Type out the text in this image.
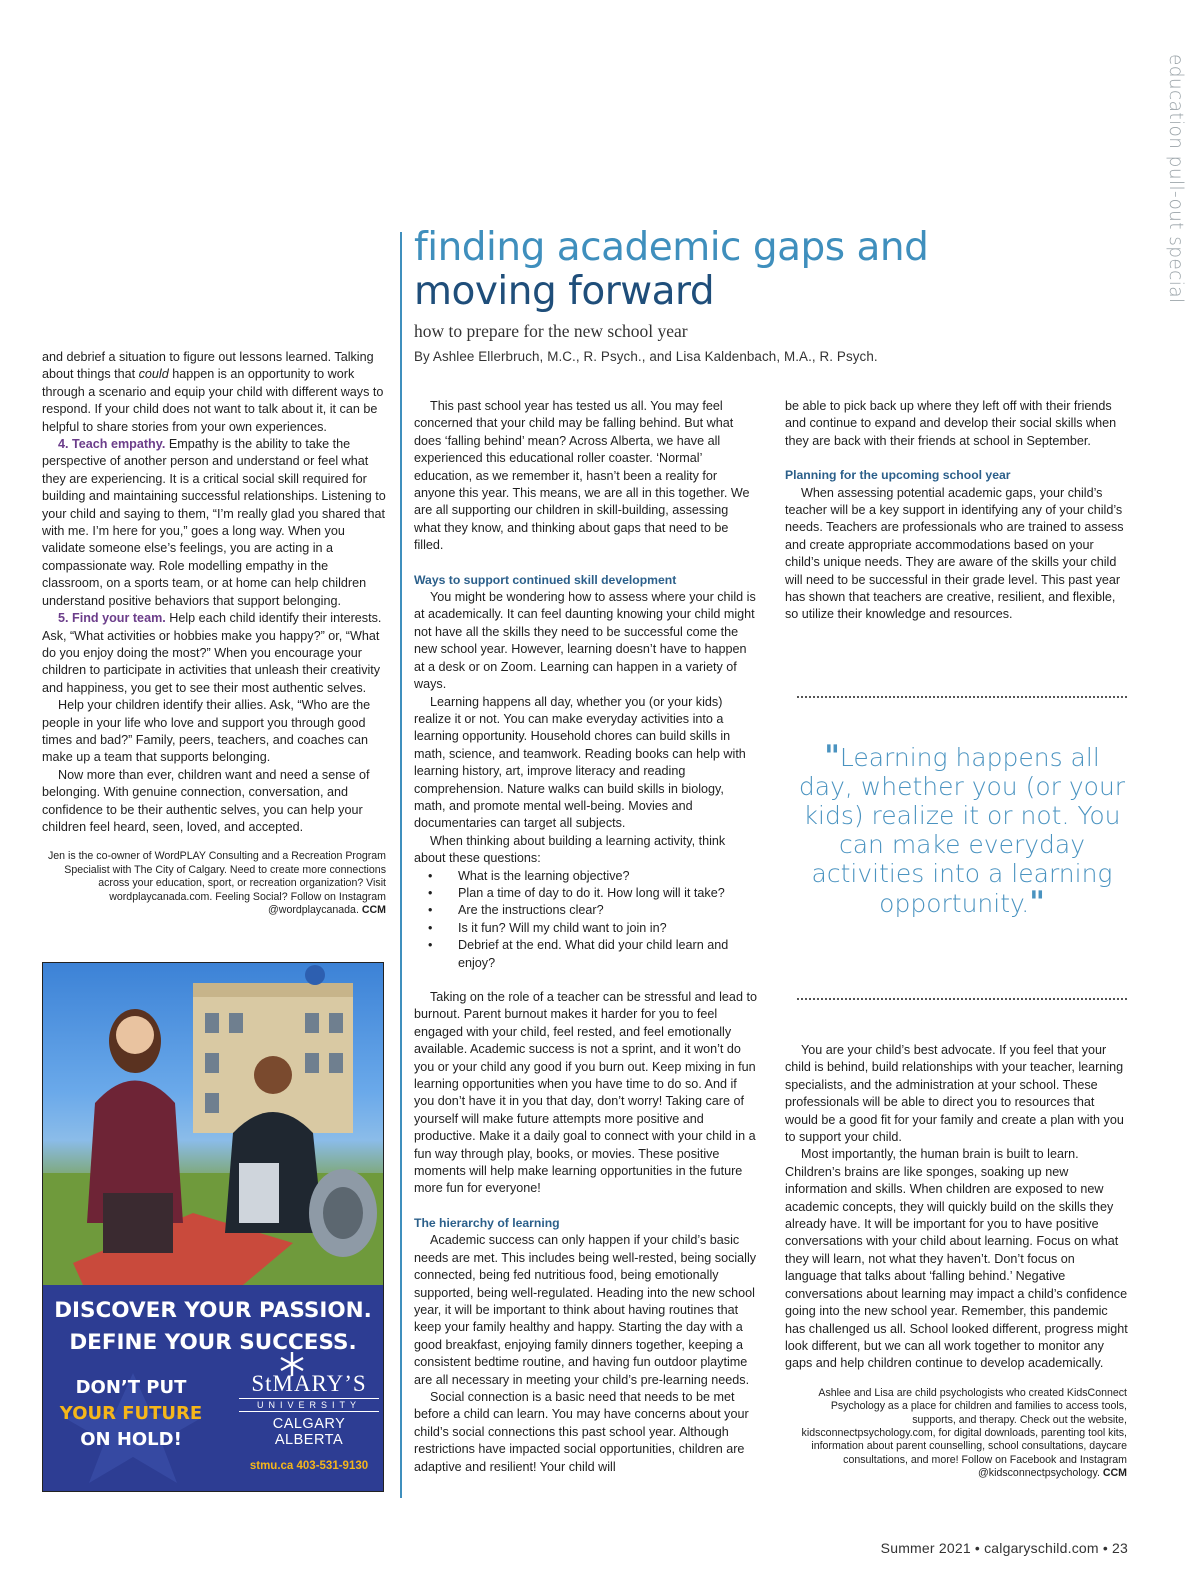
education pull-out special
finding academic gaps and
moving forward
how to prepare for the new school year
By Ashlee Ellerbruch, M.C., R. Psych., and Lisa Kaldenbach, M.A., R. Psych.

and debrief a situation to figure out lessons learned. Talking about things that could happen is an opportunity to work through a scenario and equip your child with different ways to respond. If your child does not want to talk about it, it can be helpful to share stories from your own experiences.

4. Teach empathy. Empathy is the ability to take the perspective of another person and understand or feel what they are experiencing. It is a critical social skill required for building and maintaining successful relationships. Listening to your child and saying to them, “I’m really glad you shared that with me. I’m here for you,” goes a long way. When you validate someone else’s feelings, you are acting in a compassionate way. Role modelling empathy in the classroom, on a sports team, or at home can help children understand positive behaviors that support belonging.

5. Find your team. Help each child identify their interests. Ask, “What activities or hobbies make you happy?” or, “What do you enjoy doing the most?” When you encourage your children to participate in activities that unleash their creativity and happiness, you get to see their most authentic selves.

Help your children identify their allies. Ask, “Who are the people in your life who love and support you through good times and bad?” Family, peers, teachers, and coaches can make up a team that supports belonging.

Now more than ever, children want and need a sense of belonging. With genuine connection, conversation, and confidence to be their authentic selves, you can help your children feel heard, seen, loved, and accepted.

Jen is the co-owner of WordPLAY Consulting and a Recreation Program Specialist with The City of Calgary. Need to create more connections across your education, sport, or recreation organization? Visit wordplaycanada.com. Feeling Social? Follow on Instagram @wordplaycanada. CCM

This past school year has tested us all. You may feel concerned that your child may be falling behind. But what does ‘falling behind’ mean? Across Alberta, we have all experienced this educational roller coaster. ‘Normal’ education, as we remember it, hasn’t been a reality for anyone this year. This means, we are all in this together. We are all supporting our children in skill-building, assessing what they know, and thinking about gaps that need to be filled.

Ways to support continued skill development

You might be wondering how to assess where your child is at academically. It can feel daunting knowing your child might not have all the skills they need to be successful come the new school year. However, learning doesn’t have to happen at a desk or on Zoom. Learning can happen in a variety of ways.

Learning happens all day, whether you (or your kids) realize it or not. You can make everyday activities into a learning opportunity. Household chores can build skills in math, science, and teamwork. Reading books can help with learning history, art, improve literacy and reading comprehension. Nature walks can build skills in biology, math, and promote mental well-being. Movies and documentaries can target all subjects.

When thinking about building a learning activity, think about these questions:

• What is the learning objective?
• Plan a time of day to do it. How long will it take?
• Are the instructions clear?
• Is it fun? Will my child want to join in?
• Debrief at the end. What did your child learn and enjoy?

Taking on the role of a teacher can be stressful and lead to burnout. Parent burnout makes it harder for you to feel engaged with your child, feel rested, and feel emotionally available. Academic success is not a sprint, and it won’t do you or your child any good if you burn out. Keep mixing in fun learning opportunities when you have time to do so. And if you don’t have it in you that day, don’t worry! Taking care of yourself will make future attempts more positive and productive. Make it a daily goal to connect with your child in a fun way through play, books, or movies. These positive moments will help make learning opportunities in the future more fun for everyone!

The hierarchy of learning

Academic success can only happen if your child’s basic needs are met. This includes being well-rested, being socially connected, being fed nutritious food, being emotionally supported, being well-regulated. Heading into the new school year, it will be important to think about having routines that keep your family healthy and happy. Starting the day with a good breakfast, enjoying family dinners together, keeping a consistent bedtime routine, and having fun outdoor playtime are all necessary in meeting your child’s pre-learning needs.

Social connection is a basic need that needs to be met before a child can learn. You may have concerns about your child’s social connections this past school year. Although restrictions have impacted social opportunities, children are adaptive and resilient! Your child will

be able to pick back up where they left off with their friends and continue to expand and develop their social skills when they are back with their friends at school in September.

Planning for the upcoming school year

When assessing potential academic gaps, your child’s teacher will be a key support in identifying any of your child’s needs. Teachers are professionals who are trained to assess and create appropriate accommodations based on your child’s unique needs. They are aware of the skills your child will need to be successful in their grade level. This past year has shown that teachers are creative, resilient, and flexible, so utilize their knowledge and resources.

"Learning happens all day, whether you (or your kids) realize it or not. You can make everyday activities into a learning opportunity."

You are your child’s best advocate. If you feel that your child is behind, build relationships with your teacher, learning specialists, and the administration at your school. These professionals will be able to direct you to resources that would be a good fit for your family and create a plan with you to support your child.

Most importantly, the human brain is built to learn. Children’s brains are like sponges, soaking up new information and skills. When children are exposed to new academic concepts, they will quickly build on the skills they already have. It will be important for you to have positive conversations with your child about learning. Focus on what they will learn, not what they haven’t. Don’t focus on language that talks about ‘falling behind.’ Negative conversations about learning may impact a child’s confidence going into the new school year. Remember, this pandemic has challenged us all. School looked different, progress might look different, but we can all work together to monitor any gaps and help children continue to develop academically.

Ashlee and Lisa are child psychologists who created KidsConnect Psychology as a place for children and families to access tools, supports, and therapy. Check out the website, kidsconnectpsychology.com, for digital downloads, parenting tool kits, information about parent counselling, school consultations, daycare consultations, and more! Follow on Facebook and Instagram @kidsconnectpsychology. CCM
DISCOVER YOUR PASSION.
DEFINE YOUR SUCCESS.
DON’T PUT
YOUR FUTURE
ON HOLD!
StMARY’S
UNIVERSITY
CALGARY ALBERTA
stmu.ca 403-531-9130
Summer 2021 • calgaryschild.com • 23
